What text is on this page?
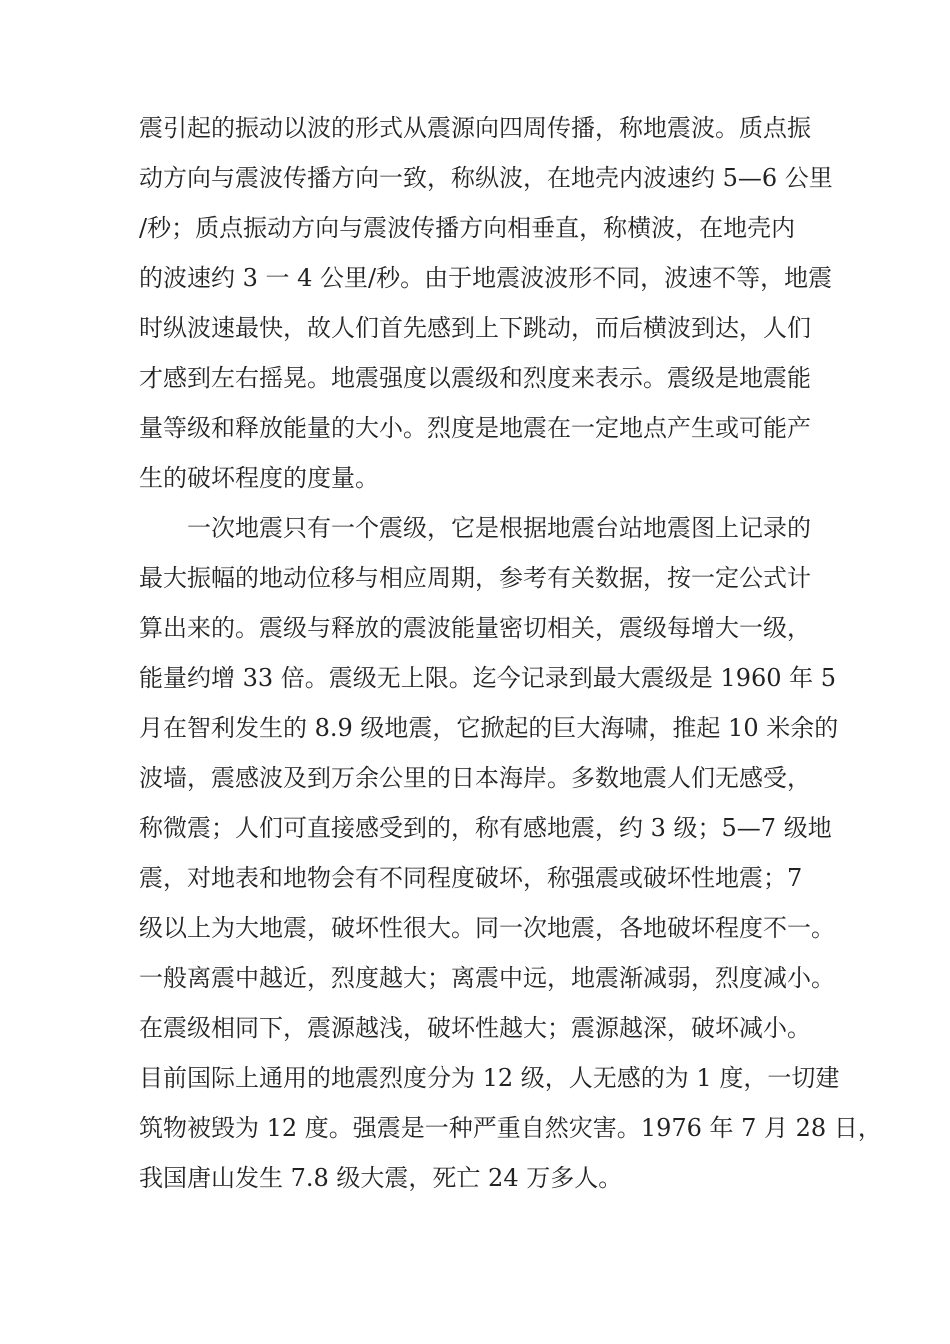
震引起的振动以波的形式从震源向四周传播，称地震波。质点振
动方向与震波传播方向一致，称纵波，在地壳内波速约 5—6 公里
/秒；质点振动方向与震波传播方向相垂直，称横波，在地壳内
的波速约 3 一 4 公里/秒。由于地震波波形不同，波速不等，地震
时纵波速最快，故人们首先感到上下跳动，而后横波到达，人们
才感到左右摇晃。地震强度以震级和烈度来表示。震级是地震能
量等级和释放能量的大小。烈度是地震在一定地点产生或可能产
生的破坏程度的度量。
　　一次地震只有一个震级，它是根据地震台站地震图上记录的
最大振幅的地动位移与相应周期，参考有关数据，按一定公式计
算出来的。震级与释放的震波能量密切相关，震级每增大一级，
能量约增 33 倍。震级无上限。迄今记录到最大震级是 1960 年 5
月在智利发生的 8.9 级地震，它掀起的巨大海啸，推起 10 米余的
波墙，震感波及到万余公里的日本海岸。多数地震人们无感受，
称微震；人们可直接感受到的，称有感地震，约 3 级；5—7 级地
震，对地表和地物会有不同程度破坏，称强震或破坏性地震；7
级以上为大地震，破坏性很大。同一次地震，各地破坏程度不一。
一般离震中越近，烈度越大；离震中远，地震渐减弱，烈度减小。
在震级相同下，震源越浅，破坏性越大；震源越深，破坏减小。
目前国际上通用的地震烈度分为 12 级，人无感的为 1 度，一切建
筑物被毁为 12 度。强震是一种严重自然灾害。1976 年 7 月 28 日，
我国唐山发生 7.8 级大震，死亡 24 万多人。
